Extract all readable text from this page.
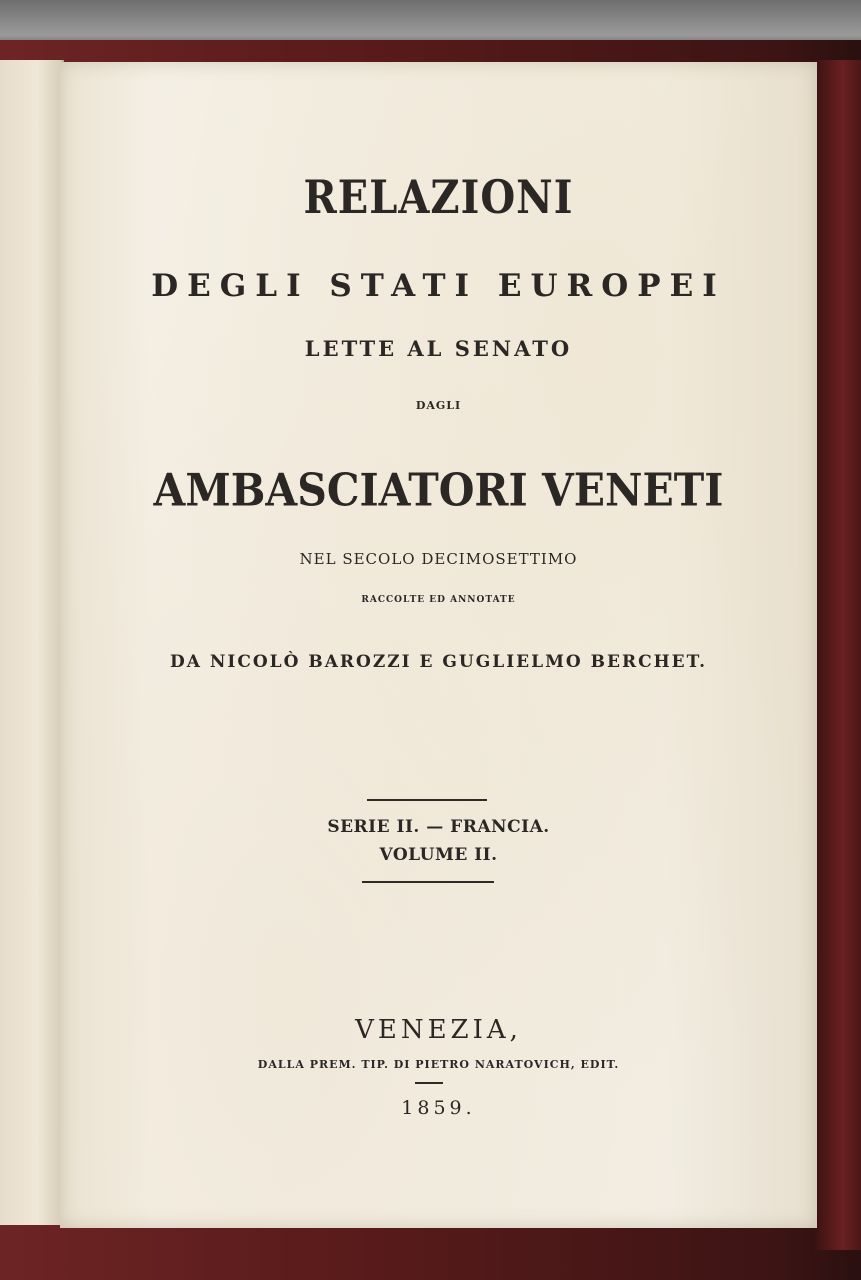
RELAZIONI
DEGLI STATI EUROPEI
LETTE AL SENATO
DAGLI
AMBASCIATORI VENETI
NEL SECOLO DECIMOSETTIMO
RACCOLTE ED ANNOTATE
DA NICOLÒ BAROZZI E GUGLIELMO BERCHET.
SERIE II. — FRANCIA.
VOLUME II.
VENEZIA,
DALLA PREM. TIP. DI PIETRO NARATOVICH, EDIT.
1859.
